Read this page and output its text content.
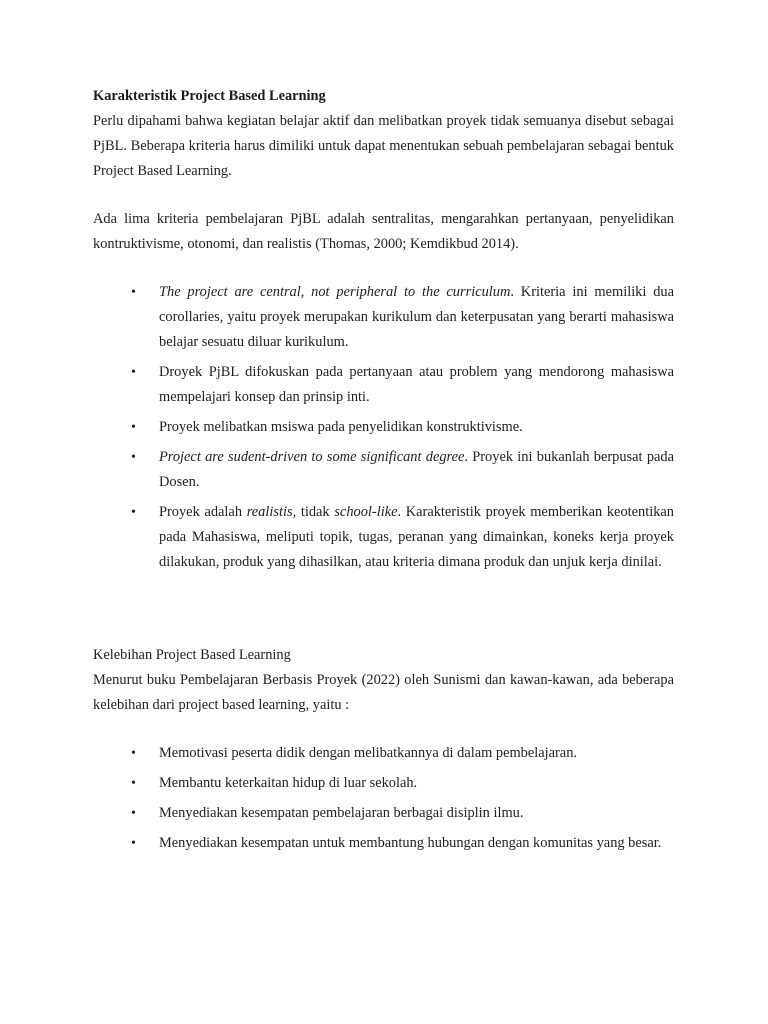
Karakteristik Project Based Learning

Perlu dipahami bahwa kegiatan belajar aktif dan melibatkan proyek tidak semuanya disebut sebagai PjBL. Beberapa kriteria harus dimiliki untuk dapat menentukan sebuah pembelajaran sebagai bentuk Project Based Learning.

Ada lima kriteria pembelajaran PjBL adalah sentralitas, mengarahkan pertanyaan, penyelidikan kontruktivisme, otonomi, dan realistis (Thomas, 2000; Kemdikbud 2014).

• The project are central, not peripheral to the curriculum. Kriteria ini memiliki dua corollaries, yaitu proyek merupakan kurikulum dan keterpusatan yang berarti mahasiswa belajar sesuatu diluar kurikulum.
• Droyek PjBL difokuskan pada pertanyaan atau problem yang mendorong mahasiswa mempelajari konsep dan prinsip inti.
• Proyek melibatkan msiswa pada penyelidikan konstruktivisme.
• Project are sudent-driven to some significant degree. Proyek ini bukanlah berpusat pada Dosen.
• Proyek adalah realistis, tidak school-like. Karakteristik proyek memberikan keotentikan pada Mahasiswa, meliputi topik, tugas, peranan yang dimainkan, koneks kerja proyek dilakukan, produk yang dihasilkan, atau kriteria dimana produk dan unjuk kerja dinilai.

Kelebihan Project Based Learning

Menurut buku Pembelajaran Berbasis Proyek (2022) oleh Sunismi dan kawan-kawan, ada beberapa kelebihan dari project based learning, yaitu :

• Memotivasi peserta didik dengan melibatkannya di dalam pembelajaran.
• Membantu keterkaitan hidup di luar sekolah.
• Menyediakan kesempatan pembelajaran berbagai disiplin ilmu.
• Menyediakan kesempatan untuk membantung hubungan dengan komunitas yang besar.
